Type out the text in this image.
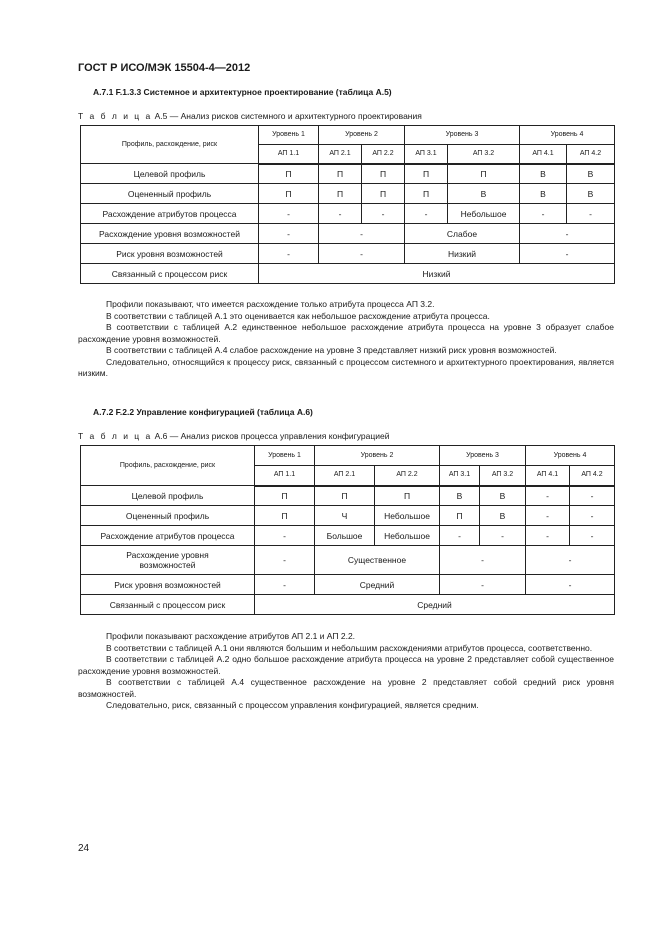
ГОСТ Р ИСО/МЭК 15504-4—2012
А.7.1 F.1.3.3 Системное и архитектурное проектирование (таблица А.5)
Т а б л и ц а А.5 — Анализ рисков системного и архитектурного проектирования
Профиль, расхождение, риск	Уровень 1	Уровень 2		Уровень 3		Уровень 4	
	АП 1.1	АП 2.1	АП 2.2	АП 3.1	АП 3.2	АП 4.1	АП 4.2
Целевой профиль	П	П	П	П	П	В	В
Оцененный профиль	П	П	П	П	В	В	В
Расхождение атрибутов процесса	-	-	-	-	Небольшое	-	-
Расхождение уровня возможностей	-	-		Слабое		-	
Риск уровня возможностей	-	-		Низкий		-	
Связанный с процессом риск	Низкий						

Профили показывают, что имеется расхождение только атрибута процесса АП 3.2.

В соответствии с таблицей А.1 это оценивается как небольшое расхождение атрибута процесса.

В соответствии с таблицей А.2 единственное небольшое расхождение атрибута процесса на уровне 3 образует слабое расхождение уровня возможностей.

В соответствии с таблицей А.4 слабое расхождение на уровне 3 представляет низкий риск уровня возможностей.

Следовательно, относящийся к процессу риск, связанный с процессом системного и архитектурного проектирования, является низким.

А.7.2 F.2.2 Управление конфигурацией (таблица А.6)
Т а б л и ц а А.6 — Анализ рисков процесса управления конфигурацией
Профиль, расхождение, риск	Уровень 1	Уровень 2		Уровень 3		Уровень 4	
	АП 1.1	АП 2.1	АП 2.2	АП 3.1	АП 3.2	АП 4.1	АП 4.2
Целевой профиль	П	П	П	В	В	-	-
Оцененный профиль	П	Ч	Небольшое	П	В	-	-
Расхождение атрибутов процесса	-	Большое	Небольшое	-	-	-	-
Расхождение уровня возможностей	-	Существенное		-		-	
Риск уровня возможностей	-	Средний		-		-	
Связанный с процессом риск	Средний						

Профили показывают расхождение атрибутов АП 2.1 и АП 2.2.

В соответствии с таблицей А.1 они являются большим и небольшим расхождениями атрибутов процесса, соответственно.

В соответствии с таблицей А.2 одно большое расхождение атрибута процесса на уровне 2 представляет собой существенное расхождение уровня возможностей.

В соответствии с таблицей А.4 существенное расхождение на уровне 2 представляет собой средний риск уровня возможностей.

Следовательно, риск, связанный с процессом управления конфигурацией, является средним.

24
